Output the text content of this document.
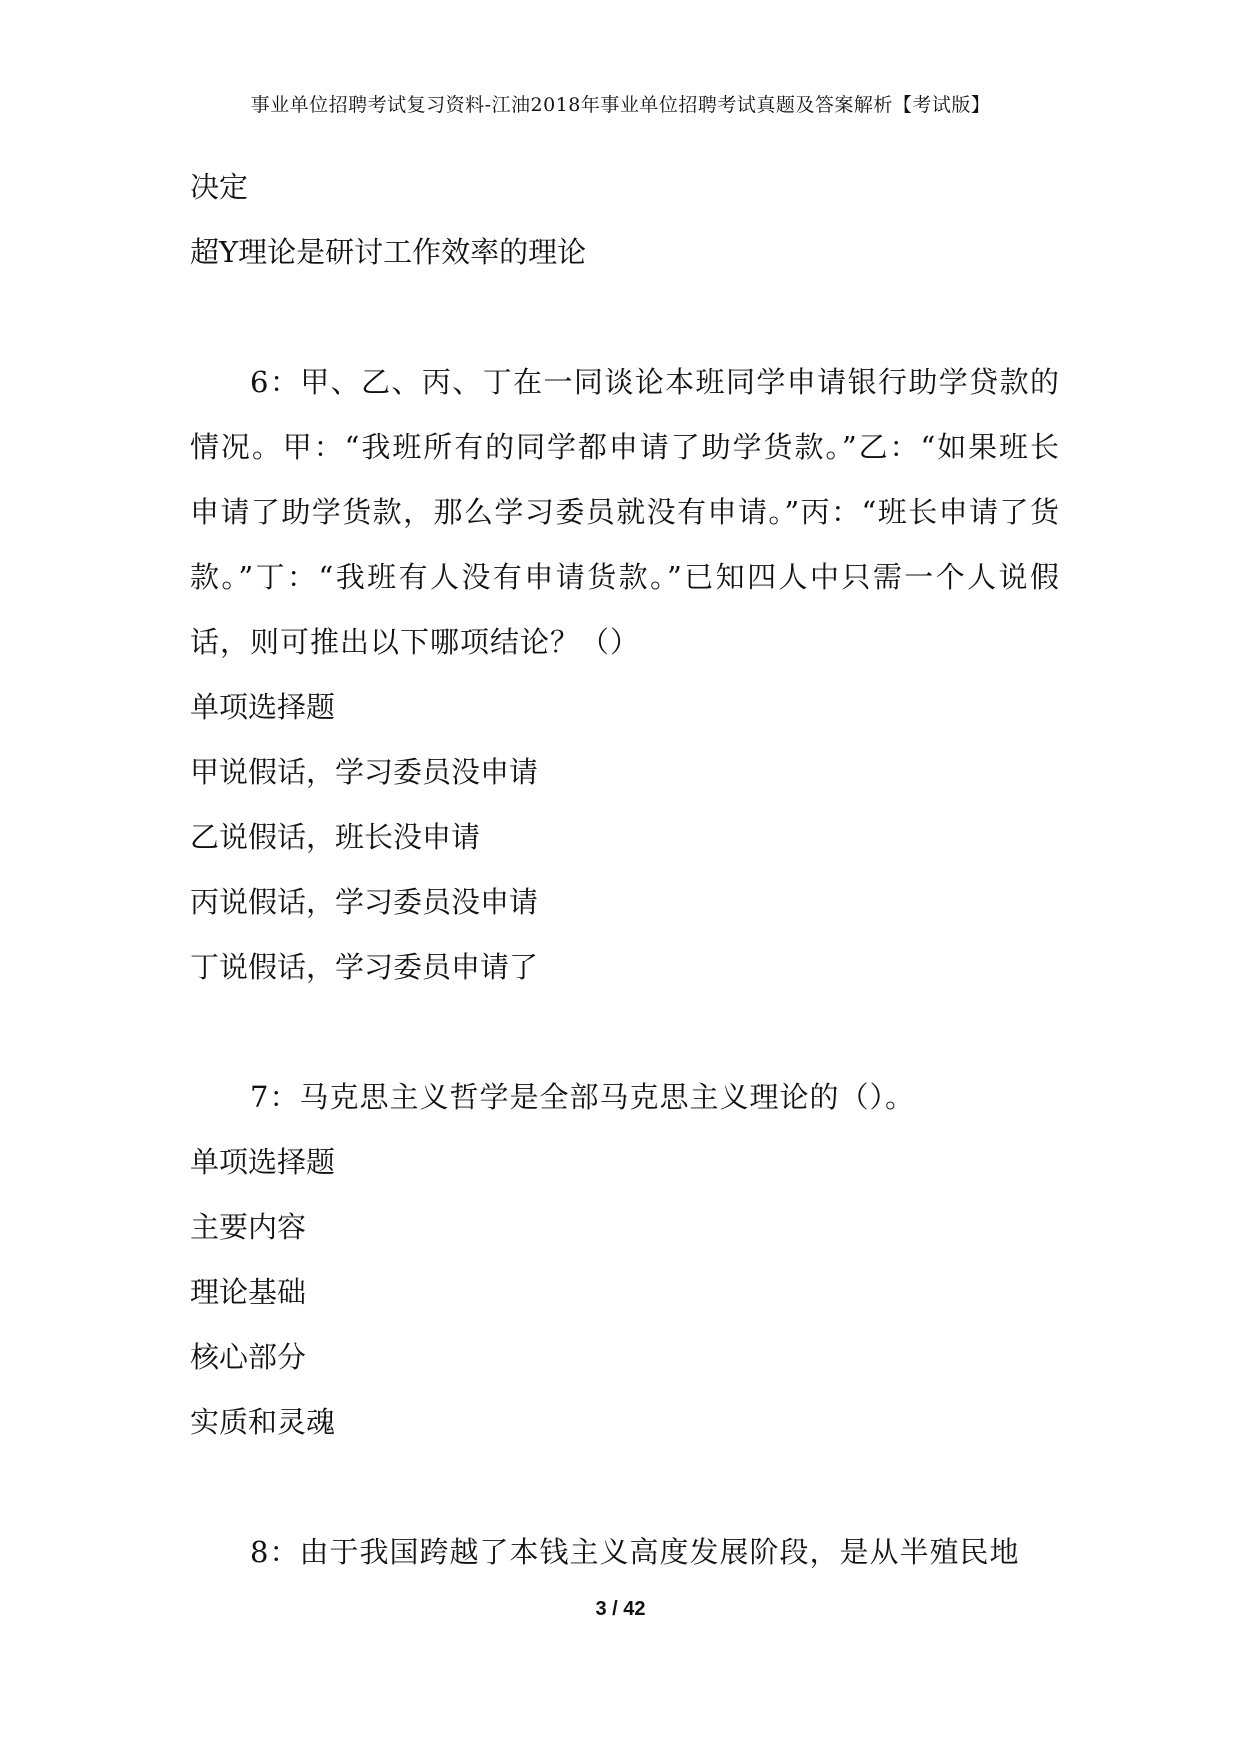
事业单位招聘考试复习资料-江油2018年事业单位招聘考试真题及答案解析【考试版】
决定
超Y理论是研讨工作效率的理论
6：甲、乙、丙、丁在一同谈论本班同学申请银行助学贷款的情况。甲：“我班所有的同学都申请了助学货款。”乙：“如果班长申请了助学货款，那么学习委员就没有申请。”丙：“班长申请了货款。”丁：“我班有人没有申请货款。”已知四人中只需一个人说假话，则可推出以下哪项结论？（）
单项选择题
甲说假话，学习委员没申请
乙说假话，班长没申请
丙说假话，学习委员没申请
丁说假话，学习委员申请了
7：马克思主义哲学是全部马克思主义理论的（）。
单项选择题
主要内容
理论基础
核心部分
实质和灵魂
8：由于我国跨越了本钱主义高度发展阶段，是从半殖民地
3 / 42
